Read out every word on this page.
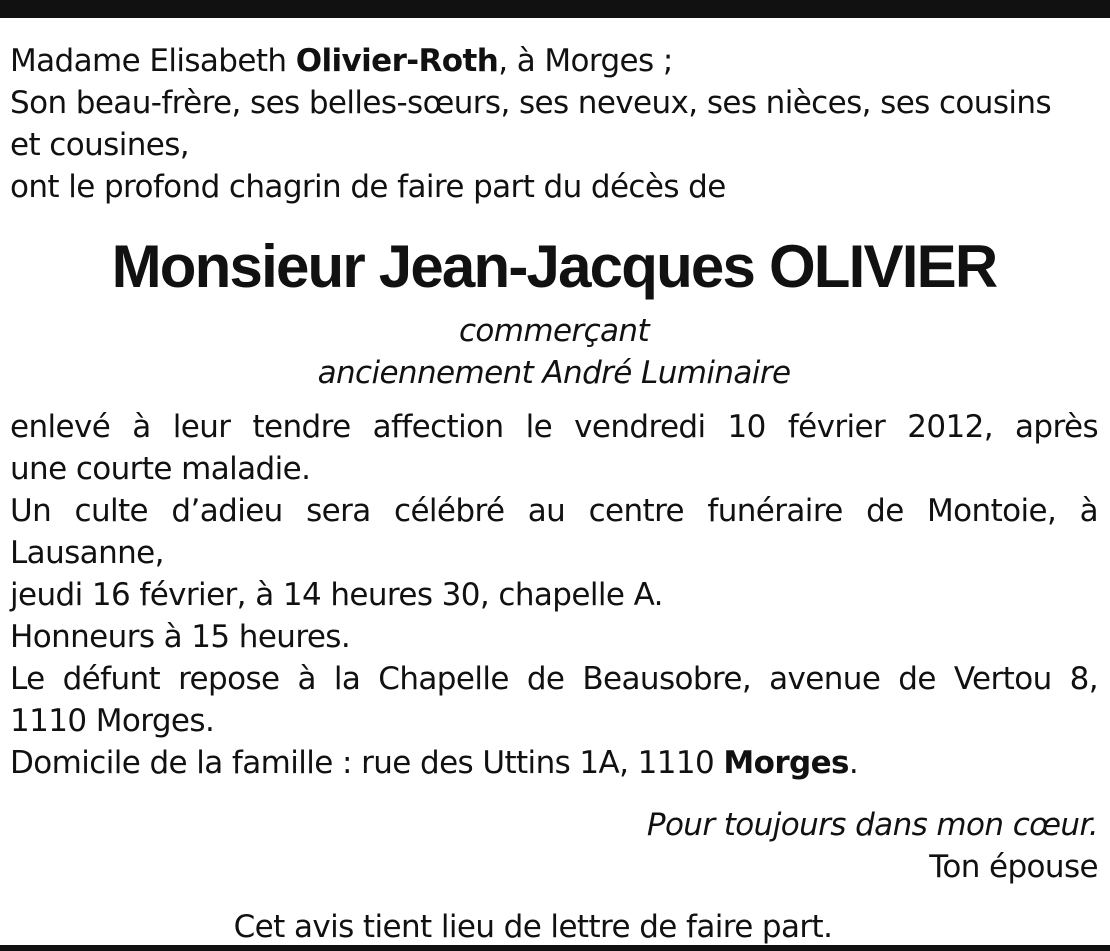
Madame Elisabeth Olivier-Roth, à Morges ;

Son beau-frère, ses belles-sœurs, ses neveux, ses nièces, ses cousins

et cousines,

ont le profond chagrin de faire part du décès de

Monsieur Jean-Jacques OLIVIER

commerçant

anciennement André Luminaire

enlevé à leur tendre affection le vendredi 10 février 2012, après

une courte maladie.

Un culte d’adieu sera célébré au centre funéraire de Montoie, à Lausanne,

jeudi 16 février, à 14 heures 30, chapelle A.

Honneurs à 15 heures.

Le défunt repose à la Chapelle de Beausobre, avenue de Vertou 8,

1110 Morges.

Domicile de la famille : rue des Uttins 1A, 1110 Morges.

Pour toujours dans mon cœur.

Ton épouse

Cet avis tient lieu de lettre de faire part.
